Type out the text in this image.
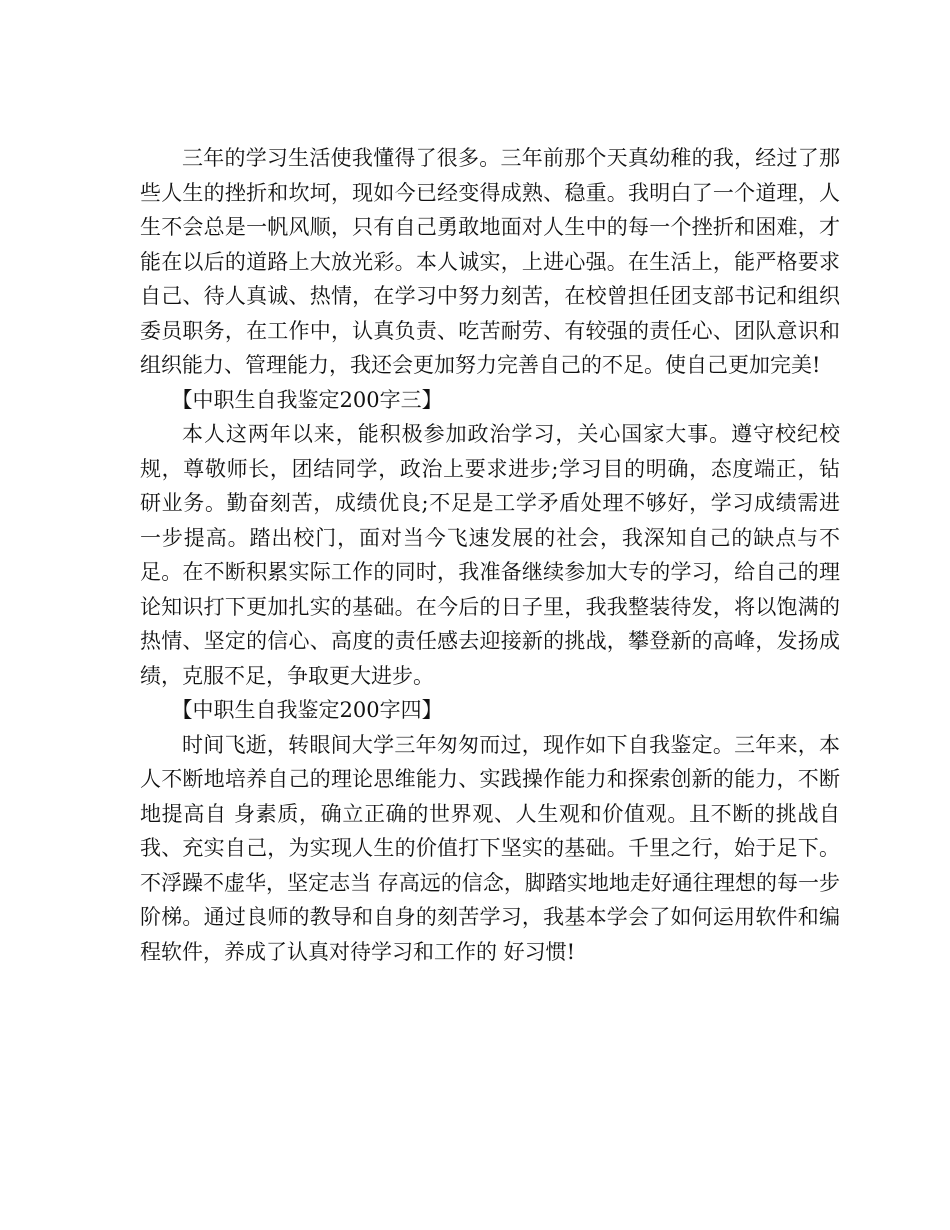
三年的学习生活使我懂得了很多。三年前那个天真幼稚的我，经过了那些人生的挫折和坎坷，现如今已经变得成熟、稳重。我明白了一个道理，人生不会总是一帆风顺，只有自己勇敢地面对人生中的每一个挫折和困难，才能在以后的道路上大放光彩。本人诚实，上进心强。在生活上，能严格要求自己、待人真诚、热情，在学习中努力刻苦，在校曾担任团支部书记和组织委员职务，在工作中，认真负责、吃苦耐劳、有较强的责任心、团队意识和组织能力、管理能力，我还会更加努力完善自己的不足。使自己更加完美!

【中职生自我鉴定200字三】

本人这两年以来，能积极参加政治学习，关心国家大事。遵守校纪校规，尊敬师长，团结同学，政治上要求进步;学习目的明确，态度端正，钻研业务。勤奋刻苦，成绩优良;不足是工学矛盾处理不够好，学习成绩需进一步提高。踏出校门，面对当今飞速发展的社会，我深知自己的缺点与不足。在不断积累实际工作的同时，我准备继续参加大专的学习，给自己的理论知识打下更加扎实的基础。在今后的日子里，我我整装待发，将以饱满的热情、坚定的信心、高度的责任感去迎接新的挑战，攀登新的高峰，发扬成绩，克服不足，争取更大进步。

【中职生自我鉴定200字四】

时间飞逝，转眼间大学三年匆匆而过，现作如下自我鉴定。三年来，本人不断地培养自己的理论思维能力、实践操作能力和探索创新的能力，不断地提高自 身素质，确立正确的世界观、人生观和价值观。且不断的挑战自我、充实自己，为实现人生的价值打下坚实的基础。千里之行，始于足下。不浮躁不虚华，坚定志当 存高远的信念，脚踏实地地走好通往理想的每一步阶梯。通过良师的教导和自身的刻苦学习，我基本学会了如何运用软件和编程软件，养成了认真对待学习和工作的 好习惯!
